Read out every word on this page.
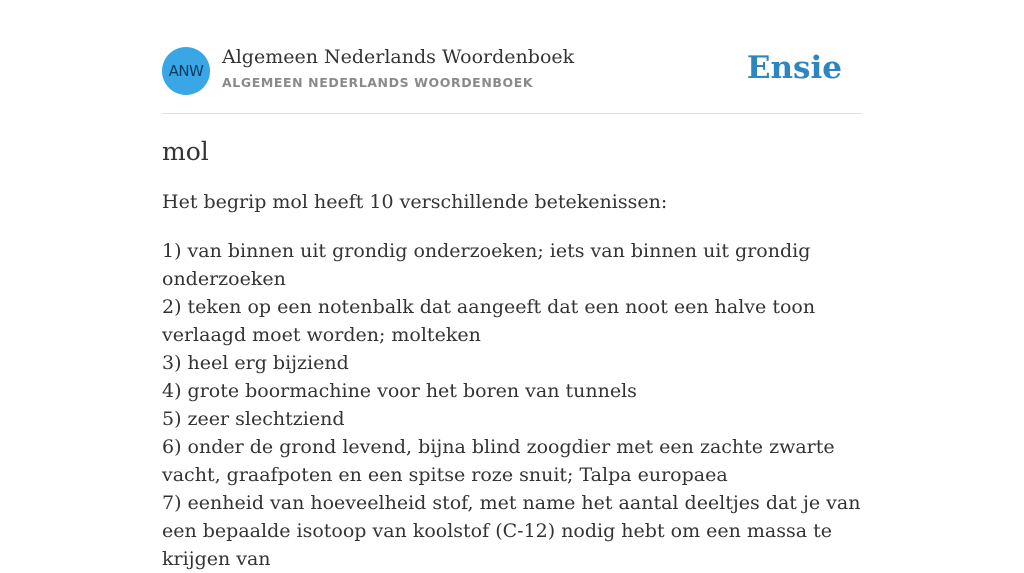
ANW
Algemeen Nederlands Woordenboek
ALGEMEEN NEDERLANDS WOORDENBOEK	Ensie
mol

Het begrip mol heeft 10 verschillende betekenissen:

1) van binnen uit grondig onderzoeken; iets van binnen uit grondig onderzoeken
2) teken op een notenbalk dat aangeeft dat een noot een halve toon verlaagd moet worden; molteken
3) heel erg bijziend
4) grote boormachine voor het boren van tunnels
5) zeer slechtziend
6) onder de grond levend, bijna blind zoogdier met een zachte zwarte vacht, graafpoten en een spitse roze snuit; Talpa europaea
7) eenheid van hoeveelheid stof, met name het aantal deeltjes dat je van een bepaalde isotoop van koolstof (C-12) nodig hebt om een massa te krijgen van
